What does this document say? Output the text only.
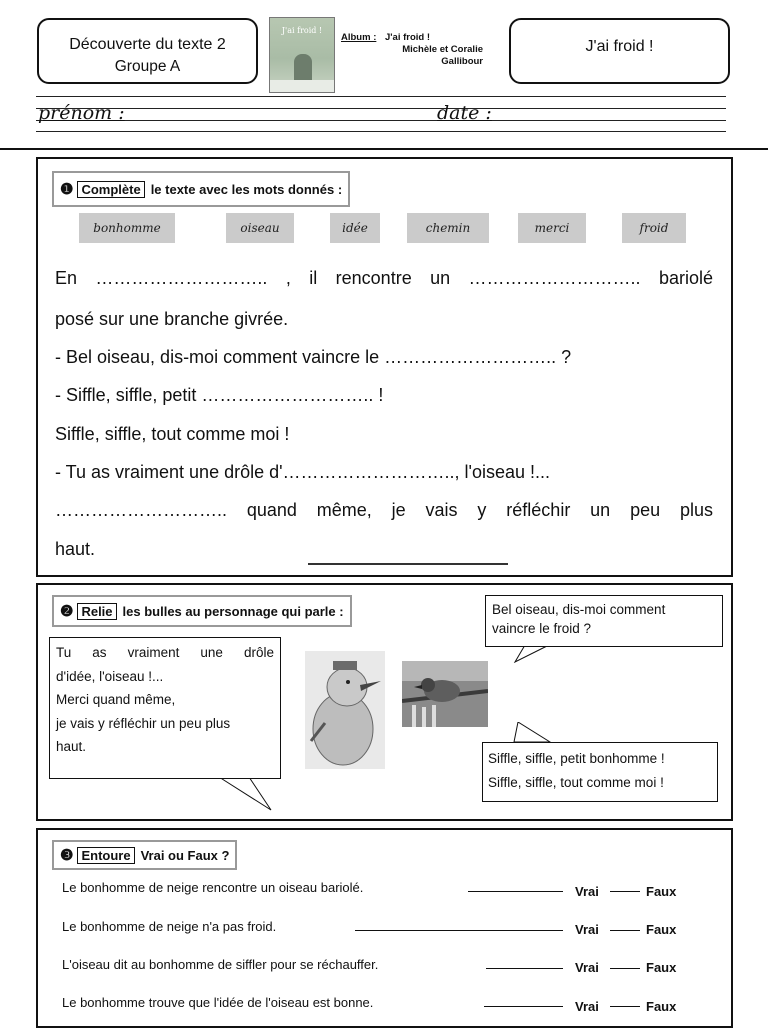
Découverte du texte 2
Groupe A
J'ai froid !
Album : J'ai froid !
Michèle et Coralie
Gallibour
J'ai froid !
prénom :	date :
❶ Complète le texte avec les mots donnés :
bonhomme	oiseau	idée	chemin	merci	froid
En ……………………….. , il rencontre un ……………………….. bariolé
posé sur une branche givrée.
- Bel oiseau, dis-moi comment vaincre le ……………………….. ?
- Siffle, siffle, petit ……………………….. !
Siffle, siffle, tout comme moi !
- Tu as vraiment une drôle d'……………………….., l'oiseau !...
……………………….. quand même, je vais y réfléchir un peu plus
haut.
❷ Relie les bulles au personnage qui parle :
Tu as vraiment une drôle
d'idée, l'oiseau !...
Merci quand même,
je vais y réfléchir un peu plus
haut.
Bel oiseau, dis-moi comment
vaincre le froid ?
Siffle, siffle, petit bonhomme !
Siffle, siffle, tout comme moi !
❸ Entoure Vrai ou Faux ?
Le bonhomme de neige rencontre un oiseau bariolé.	Vrai	Faux
Le bonhomme de neige n'a pas froid.	Vrai	Faux
L'oiseau dit au bonhomme de siffler pour se réchauffer.	Vrai	Faux
Le bonhomme trouve que l'idée de l'oiseau est bonne.	Vrai	Faux
